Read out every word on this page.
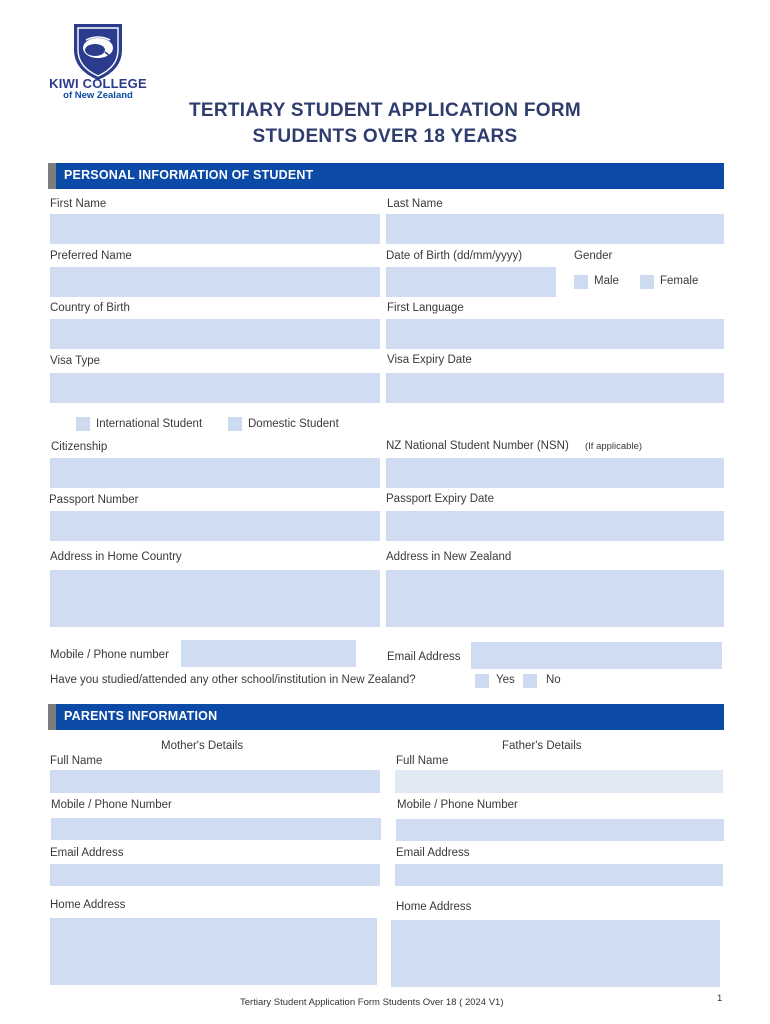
KIWI COLLEGE
of New Zealand
TERTIARY STUDENT APPLICATION FORM
STUDENTS OVER 18 YEARS
PERSONAL INFORMATION OF STUDENT
First Name	Last Name
Preferred Name	Date of Birth (dd/mm/yyyy)	Gender
Male	Female
Country of Birth	First Language
Visa Type	Visa Expiry Date
International Student	Domestic Student
Citizenship	NZ National Student Number (NSN) (If applicable)
Passport Number	Passport Expiry Date
Address in Home Country	Address in New Zealand
Mobile / Phone number	Email Address
Have you studied/attended any other school/institution in New Zealand?	Yes	No
PARENTS INFORMATION
Mother's Details	Father's Details
Full Name	Full Name
Mobile / Phone Number	Mobile / Phone Number
Email Address	Email Address
Home Address	Home Address
Tertiary Student Application Form Students Over 18 ( 2024 V1)	1
